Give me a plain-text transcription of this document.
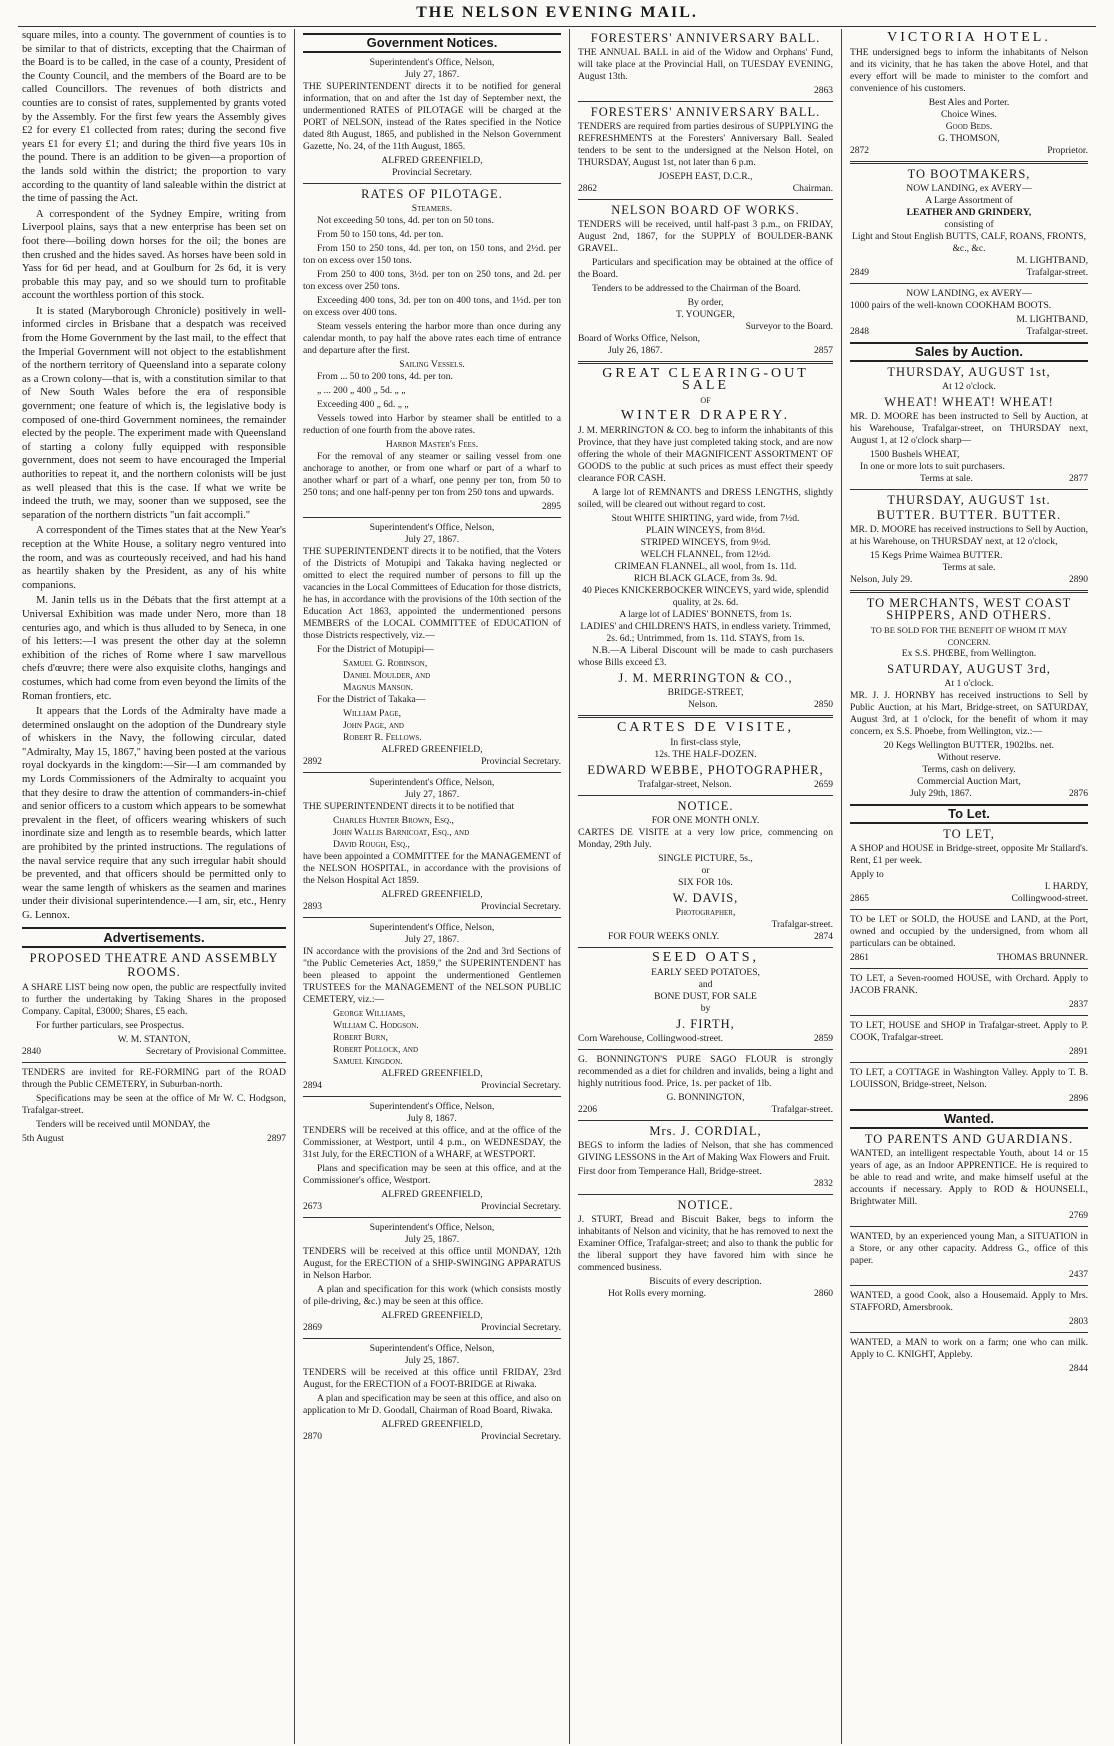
THE NELSON EVENING MAIL.

square miles, into a county. The government of counties is to be similar to that of districts, excepting that the Chairman of the Board is to be called, in the case of a county, President of the County Council, and the members of the Board are to be called Councillors. The revenues of both districts and counties are to consist of rates, supplemented by grants voted by the Assembly. For the first few years the Assembly gives £2 for every £1 collected from rates; during the second five years £1 for every £1; and during the third five years 10s in the pound. There is an addition to be given—a proportion of the lands sold within the district; the proportion to vary according to the quantity of land saleable within the district at the time of passing the Act.

A correspondent of the Sydney Empire, writing from Liverpool plains, says that a new enterprise has been set on foot there—boiling down horses for the oil; the bones are then crushed and the hides saved. As horses have been sold in Yass for 6d per head, and at Goulburn for 2s 6d, it is very probable this may pay, and so we should turn to profitable account the worthless portion of this stock.

It is stated (Maryborough Chronicle) positively in well-informed circles in Brisbane that a despatch was received from the Home Government by the last mail, to the effect that the Imperial Government will not object to the establishment of the northern territory of Queensland into a separate colony as a Crown colony—that is, with a constitution similar to that of New South Wales before the era of responsible government; one feature of which is, the legislative body is composed of one-third Government nominees, the remainder elected by the people. The experiment made with Queensland of starting a colony fully equipped with responsible government, does not seem to have encouraged the Imperial authorities to repeat it, and the northern colonists will be just as well pleased that this is the case. If what we write be indeed the truth, we may, sooner than we supposed, see the separation of the northern districts "un fait accompli."

A correspondent of the Times states that at the New Year's reception at the White House, a solitary negro ventured into the room, and was as courteously received, and had his hand as heartily shaken by the President, as any of his white companions.

M. Janin tells us in the Débats that the first attempt at a Universal Exhibition was made under Nero, more than 18 centuries ago, and which is thus alluded to by Seneca, in one of his letters:—I was present the other day at the solemn exhibition of the riches of Rome where I saw marvellous chefs d'œuvre; there were also exquisite cloths, hangings and costumes, which had come from even beyond the limits of the Roman frontiers, etc.

It appears that the Lords of the Admiralty have made a determined onslaught on the adoption of the Dundreary style of whiskers in the Navy, the following circular, dated "Admiralty, May 15, 1867," having been posted at the various royal dockyards in the kingdom:—Sir—I am commanded by my Lords Commissioners of the Admiralty to acquaint you that they desire to draw the attention of commanders-in-chief and senior officers to a custom which appears to be somewhat prevalent in the fleet, of officers wearing whiskers of such inordinate size and length as to resemble beards, which latter are prohibited by the printed instructions. The regulations of the naval service require that any such irregular habit should be prevented, and that officers should be permitted only to wear the same length of whiskers as the seamen and marines under their divisional superintendence.—I am, sir, etc., Henry G. Lennox.

Advertisements.
PROPOSED THEATRE AND ASSEMBLY ROOMS.

A SHARE LIST being now open, the public are respectfully invited to further the undertaking by Taking Shares in the proposed Company. Capital, £3000; Shares, £5 each.

For further particulars, see Prospectus.

W. M. STANTON,
2840	Secretary of Provisional Committee.

TENDERS are invited for RE-FORMING part of the ROAD through the Public CEMETERY, in Suburban-north.

Specifications may be seen at the office of Mr W. C. Hodgson, Trafalgar-street.

Tenders will be received until MONDAY, the

5th August	2897
Government Notices.
Superintendent's Office, Nelson,
July 27, 1867.

THE SUPERINTENDENT directs it to be notified for general information, that on and after the 1st day of September next, the undermentioned RATES of PILOTAGE will be charged at the PORT of NELSON, instead of the Rates specified in the Notice dated 8th August, 1865, and published in the Nelson Government Gazette, No. 24, of the 11th August, 1865.

ALFRED GREENFIELD,
Provincial Secretary.
RATES OF PILOTAGE.
Steamers.

Not exceeding 50 tons, 4d. per ton on 50 tons.

From 50 to 150 tons, 4d. per ton.

From 150 to 250 tons, 4d. per ton, on 150 tons, and 2½d. per ton on excess over 150 tons.

From 250 to 400 tons, 3½d. per ton on 250 tons, and 2d. per ton excess over 250 tons.

Exceeding 400 tons, 3d. per ton on 400 tons, and 1½d. per ton on excess over 400 tons.

Steam vessels entering the harbor more than once during any calendar month, to pay half the above rates each time of entrance and departure after the first.

Sailing Vessels.

From ... 50 to 200 tons, 4d. per ton.

„ ... 200 „ 400 „ 5d. „ „

Exceeding 400 „ 6d. „ „

Vessels towed into Harbor by steamer shall be entitled to a reduction of one fourth from the above rates.

Harbor Master's Fees.

For the removal of any steamer or sailing vessel from one anchorage to another, or from one wharf or part of a wharf to another wharf or part of a wharf, one penny per ton, from 50 to 250 tons; and one half-penny per ton from 250 tons and upwards.

2895
Superintendent's Office, Nelson,
July 27, 1867.

THE SUPERINTENDENT directs it to be notified, that the Voters of the Districts of Motupipi and Takaka having neglected or omitted to elect the required number of persons to fill up the vacancies in the Local Committees of Education for those districts, he has, in accordance with the provisions of the 10th section of the Education Act 1863, appointed the undermentioned persons MEMBERS of the LOCAL COMMITTEE of EDUCATION of those Districts respectively, viz.—

For the District of Motupipi—

Samuel G. Robinson,
Daniel Moulder, and
Magnus Manson.

For the District of Takaka—

William Page,
John Page, and
Robert R. Fellows.
ALFRED GREENFIELD,
2892	Provincial Secretary.
Superintendent's Office, Nelson,
July 27, 1867.

THE SUPERINTENDENT directs it to be notified that

Charles Hunter Brown, Esq.,
John Wallis Barnicoat, Esq., and
David Rough, Esq.,

have been appointed a COMMITTEE for the MANAGEMENT of the NELSON HOSPITAL, in accordance with the provisions of the Nelson Hospital Act 1859.

ALFRED GREENFIELD,
2893	Provincial Secretary.
Superintendent's Office, Nelson,
July 27, 1867.

IN accordance with the provisions of the 2nd and 3rd Sections of "the Public Cemeteries Act, 1859," the SUPERINTENDENT has been pleased to appoint the undermentioned Gentlemen TRUSTEES for the MANAGEMENT of the NELSON PUBLIC CEMETERY, viz.:—

George Williams,
William C. Hodgson.
Robert Burn,
Robert Pollock, and
Samuel Kingdon.
ALFRED GREENFIELD,
2894	Provincial Secretary.
Superintendent's Office, Nelson,
July 8, 1867.

TENDERS will be received at this office, and at the office of the Commissioner, at Westport, until 4 p.m., on WEDNESDAY, the 31st July, for the ERECTION of a WHARF, at WESTPORT.

Plans and specification may be seen at this office, and at the Commissioner's office, Westport.

ALFRED GREENFIELD,
2673	Provincial Secretary.
Superintendent's Office, Nelson,
July 25, 1867.

TENDERS will be received at this office until MONDAY, 12th August, for the ERECTION of a SHIP-SWINGING APPARATUS in Nelson Harbor.

A plan and specification for this work (which consists mostly of pile-driving, &c.) may be seen at this office.

ALFRED GREENFIELD,
2869	Provincial Secretary.
Superintendent's Office, Nelson,
July 25, 1867.

TENDERS will be received at this office until FRIDAY, 23rd August, for the ERECTION of a FOOT-BRIDGE at Riwaka.

A plan and specification may be seen at this office, and also on application to Mr D. Goodall, Chairman of Road Board, Riwaka.

ALFRED GREENFIELD,
2870	Provincial Secretary.
FORESTERS' ANNIVERSARY BALL.

THE ANNUAL BALL in aid of the Widow and Orphans' Fund, will take place at the Provincial Hall, on TUESDAY EVENING, August 13th.

2863
FORESTERS' ANNIVERSARY BALL.

TENDERS are required from parties desirous of SUPPLYING the REFRESHMENTS at the Foresters' Anniversary Ball. Sealed tenders to be sent to the undersigned at the Nelson Hotel, on THURSDAY, August 1st, not later than 6 p.m.

JOSEPH EAST, D.C.R.,
2862	Chairman.
NELSON BOARD OF WORKS.

TENDERS will be received, until half-past 3 p.m., on FRIDAY, August 2nd, 1867, for the SUPPLY of BOULDER-BANK GRAVEL.

Particulars and specification may be obtained at the office of the Board.

Tenders to be addressed to the Chairman of the Board.

By order,
T. YOUNGER,
Surveyor to the Board.
Board of Works Office, Nelson,
July 26, 1867.	2857
GREAT CLEARING-OUT SALE
OF
WINTER DRAPERY.

J. M. MERRINGTON & CO. beg to inform the inhabitants of this Province, that they have just completed taking stock, and are now offering the whole of their MAGNIFICENT ASSORTMENT OF GOODS to the public at such prices as must effect their speedy clearance FOR CASH.

A large lot of REMNANTS and DRESS LENGTHS, slightly soiled, will be cleared out without regard to cost.

Stout WHITE SHIRTING, yard wide, from 7½d.
PLAIN WINCEYS, from 8½d.
STRIPED WINCEYS, from 9½d.
WELCH FLANNEL, from 12½d.
CRIMEAN FLANNEL, all wool, from 1s. 11d.
RICH BLACK GLACE, from 3s. 9d.
40 Pieces KNICKERBOCKER WINCEYS, yard wide, splendid quality, at 2s. 6d.
A large lot of LADIES' BONNETS, from 1s.
LADIES' and CHILDREN'S HATS, in endless variety. Trimmed, 2s. 6d.; Untrimmed, from 1s. 11d. STAYS, from 1s.

N.B.—A Liberal Discount will be made to cash purchasers whose Bills exceed £3.

J. M. MERRINGTON & CO.,
BRIDGE-STREET,
Nelson.	2850
CARTES DE VISITE,
In first-class style,
12s. THE HALF-DOZEN.
EDWARD WEBBE, PHOTOGRAPHER,
Trafalgar-street, Nelson.	2659
NOTICE.
FOR ONE MONTH ONLY.

CARTES DE VISITE at a very low price, commencing on Monday, 29th July.

SINGLE PICTURE, 5s.,
or
SIX FOR 10s.
W. DAVIS,
Photographer,
Trafalgar-street.
FOR FOUR WEEKS ONLY.	2874
SEED OATS,
EARLY SEED POTATOES,
and
BONE DUST, FOR SALE
by
J. FIRTH,
Corn Warehouse, Collingwood-street.	2859

G. BONNINGTON'S PURE SAGO FLOUR is strongly recommended as a diet for children and invalids, being a light and highly nutritious food. Price, 1s. per packet of 1lb.

G. BONNINGTON,
2206	Trafalgar-street.
Mrs. J. CORDIAL,

BEGS to inform the ladies of Nelson, that she has commenced GIVING LESSONS in the Art of Making Wax Flowers and Fruit.

First door from Temperance Hall, Bridge-street.
2832
NOTICE.

J. STURT, Bread and Biscuit Baker, begs to inform the inhabitants of Nelson and vicinity, that he has removed to next the Examiner Office, Trafalgar-street; and also to thank the public for the liberal support they have favored him with since he commenced business.

Biscuits of every description.
Hot Rolls every morning.	2860
VICTORIA HOTEL.

THE undersigned begs to inform the inhabitants of Nelson and its vicinity, that he has taken the above Hotel, and that every effort will be made to minister to the comfort and convenience of his customers.

Best Ales and Porter.
Choice Wines.
Good Beds.
G. THOMSON,
2872	Proprietor.
TO BOOTMAKERS,
NOW LANDING, ex AVERY—
A Large Assortment of
LEATHER AND GRINDERY,
consisting of
Light and Stout English BUTTS, CALF, ROANS, FRONTS, &c., &c.
M. LIGHTBAND,
2849	Trafalgar-street.
NOW LANDING, ex AVERY—

1000 pairs of the well-known COOKHAM BOOTS.

M. LIGHTBAND,
2848	Trafalgar-street.
Sales by Auction.
THURSDAY, AUGUST 1st,
At 12 o'clock.
WHEAT! WHEAT! WHEAT!

MR. D. MOORE has been instructed to Sell by Auction, at his Warehouse, Trafalgar-street, on THURSDAY next, August 1, at 12 o'clock sharp—

1500 Bushels WHEAT,
In one or more lots to suit purchasers.
Terms at sale.	2877
THURSDAY, AUGUST 1st.
BUTTER. BUTTER. BUTTER.

MR. D. MOORE has received instructions to Sell by Auction, at his Warehouse, on THURSDAY next, at 12 o'clock,

15 Kegs Prime Waimea BUTTER.
Terms at sale.
Nelson, July 29.	2890
TO MERCHANTS, WEST COAST SHIPPERS, AND OTHERS.
TO BE SOLD FOR THE BENEFIT OF WHOM IT MAY CONCERN.
Ex S.S. PHŒBE, from Wellington.
SATURDAY, AUGUST 3rd,
At 1 o'clock.

MR. J. J. HORNBY has received instructions to Sell by Public Auction, at his Mart, Bridge-street, on SATURDAY, August 3rd, at 1 o'clock, for the benefit of whom it may concern, ex S.S. Phoebe, from Wellington, viz.:—

20 Kegs Wellington BUTTER, 1902lbs. net.
Without reserve.
Terms, cash on delivery.
Commercial Auction Mart,
July 29th, 1867.	2876
To Let.
TO LET,

A SHOP and HOUSE in Bridge-street, opposite Mr Stallard's. Rent, £1 per week.

Apply to
I. HARDY,
2865	Collingwood-street.

TO be LET or SOLD, the HOUSE and LAND, at the Port, owned and occupied by the undersigned, from whom all particulars can be obtained.

2861	THOMAS BRUNNER.

TO LET, a Seven-roomed HOUSE, with Orchard. Apply to JACOB FRANK.

2837

TO LET, HOUSE and SHOP in Trafalgar-street. Apply to P. COOK, Trafalgar-street.

2891

TO LET, a COTTAGE in Washington Valley. Apply to T. B. LOUISSON, Bridge-street, Nelson.

2896
Wanted.
TO PARENTS AND GUARDIANS.

WANTED, an intelligent respectable Youth, about 14 or 15 years of age, as an Indoor APPRENTICE. He is required to be able to read and write, and make himself useful at the accounts if necessary. Apply to ROD & HOUNSELL, Brightwater Mill.

2769

WANTED, by an experienced young Man, a SITUATION in a Store, or any other capacity. Address G., office of this paper.

2437

WANTED, a good Cook, also a Housemaid. Apply to Mrs. STAFFORD, Amersbrook.

2803

WANTED, a MAN to work on a farm; one who can milk. Apply to C. KNIGHT, Appleby.

2844
